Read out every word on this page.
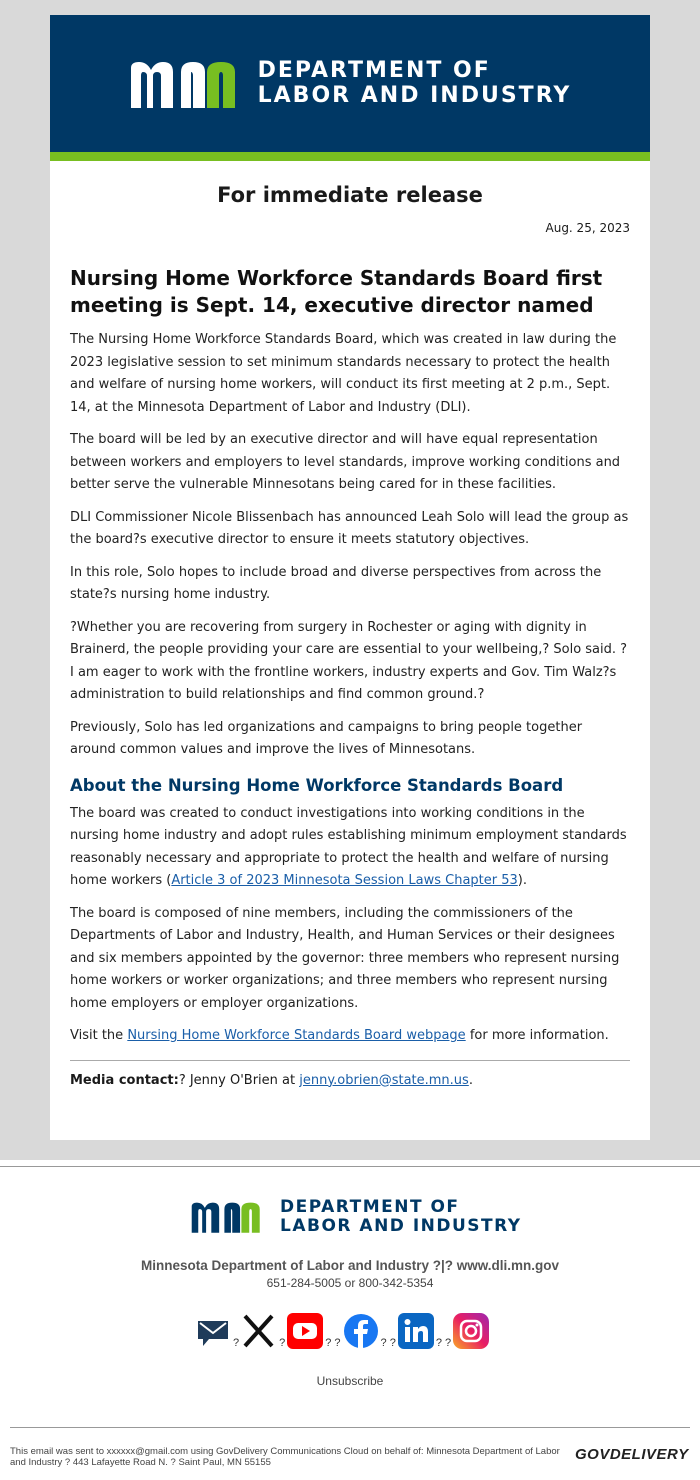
DEPARTMENT OF
LABOR AND INDUSTRY
For immediate release
Aug. 25, 2023
Nursing Home Workforce Standards Board first meeting is Sept. 14, executive director named

The Nursing Home Workforce Standards Board, which was created in law during the 2023 legislative session to set minimum standards necessary to protect the health and welfare of nursing home workers, will conduct its first meeting at 2 p.m., Sept. 14, at the Minnesota Department of Labor and Industry (DLI).

The board will be led by an executive director and will have equal representation between workers and employers to level standards, improve working conditions and better serve the vulnerable Minnesotans being cared for in these facilities.

DLI Commissioner Nicole Blissenbach has announced Leah Solo will lead the group as the board?s executive director to ensure it meets statutory objectives.

In this role, Solo hopes to include broad and diverse perspectives from across the state?s nursing home industry.

?Whether you are recovering from surgery in Rochester or aging with dignity in Brainerd, the people providing your care are essential to your wellbeing,? Solo said. ?I am eager to work with the frontline workers, industry experts and Gov. Tim Walz?s administration to build relationships and find common ground.?

Previously, Solo has led organizations and campaigns to bring people together around common values and improve the lives of Minnesotans.

About the Nursing Home Workforce Standards Board

The board was created to conduct investigations into working conditions in the nursing home industry and adopt rules establishing minimum employment standards reasonably necessary and appropriate to protect the health and welfare of nursing home workers (Article 3 of 2023 Minnesota Session Laws Chapter 53).

The board is composed of nine members, including the commissioners of the Departments of Labor and Industry, Health, and Human Services or their designees and six members appointed by the governor: three members who represent nursing home workers or worker organizations; and three members who represent nursing home employers or employer organizations.

Visit the Nursing Home Workforce Standards Board webpage for more information.

Media contact:? Jenny O'Brien at jenny.obrien@state.mn.us.

DEPARTMENT OF
LABOR AND INDUSTRY
Minnesota Department of Labor and Industry ?|? www.dli.mn.gov
651-284-5005 or 800-342-5354
?	?	? ?	? ?	? ?
Unsubscribe
This email was sent to xxxxxx@gmail.com using GovDelivery Communications Cloud on behalf of: Minnesota Department of Labor and Industry ? 443 Lafayette Road N. ? Saint Paul, MN 55155	GOVDELIVERY
